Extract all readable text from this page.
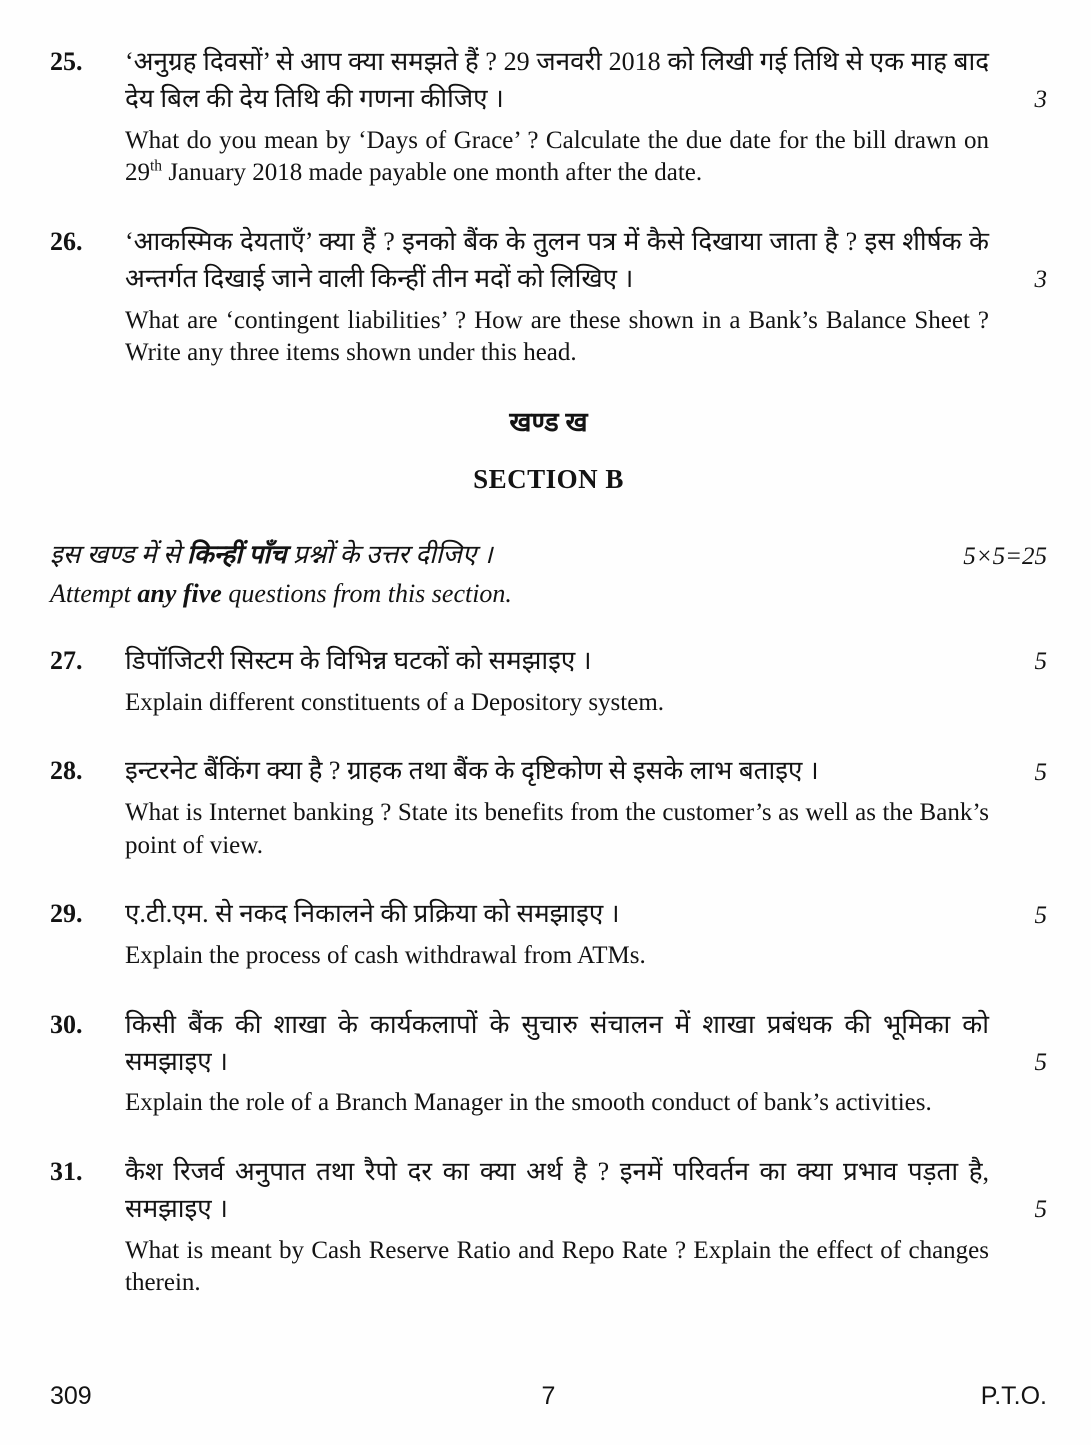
25.	‘अनुग्रह दिवसों’ से आप क्या समझते हैं ? 29 जनवरी 2018 को लिखी गई तिथि से एक माह बाद देय बिल की देय तिथि की गणना कीजिए ।	3

What do you mean by ‘Days of Grace’ ? Calculate the due date for the bill drawn on 29th January 2018 made payable one month after the date.

26.	‘आकस्मिक देयताएँ’ क्या हैं ? इनको बैंक के तुलन पत्र में कैसे दिखाया जाता है ? इस शीर्षक के अन्तर्गत दिखाई जाने वाली किन्हीं तीन मदों को लिखिए ।	3

What are ‘contingent liabilities’ ? How are these shown in a Bank’s Balance Sheet ? Write any three items shown under this head.

खण्ड ख
SECTION B

इस खण्ड में से किन्हीं पाँच प्रश्नों के उत्तर दीजिए ।	5×5=25

Attempt any five questions from this section.

27.	डिपॉजिटरी सिस्टम के विभिन्न घटकों को समझाइए ।	5

Explain different constituents of a Depository system.

28.	इन्टरनेट बैंकिंग क्या है ? ग्राहक तथा बैंक के दृष्टिकोण से इसके लाभ बताइए ।	5

What is Internet banking ? State its benefits from the customer’s as well as the Bank’s point of view.

29.	ए.टी.एम. से नकद निकालने की प्रक्रिया को समझाइए ।	5

Explain the process of cash withdrawal from ATMs.

30.	किसी बैंक की शाखा के कार्यकलापों के सुचारु संचालन में शाखा प्रबंधक की भूमिका को समझाइए ।	5

Explain the role of a Branch Manager in the smooth conduct of bank’s activities.

31.	कैश रिजर्व अनुपात तथा रैपो दर का क्या अर्थ है ? इनमें परिवर्तन का क्या प्रभाव पड़ता है, समझाइए ।	5

What is meant by Cash Reserve Ratio and Repo Rate ? Explain the effect of changes therein.

309	7	P.T.O.
